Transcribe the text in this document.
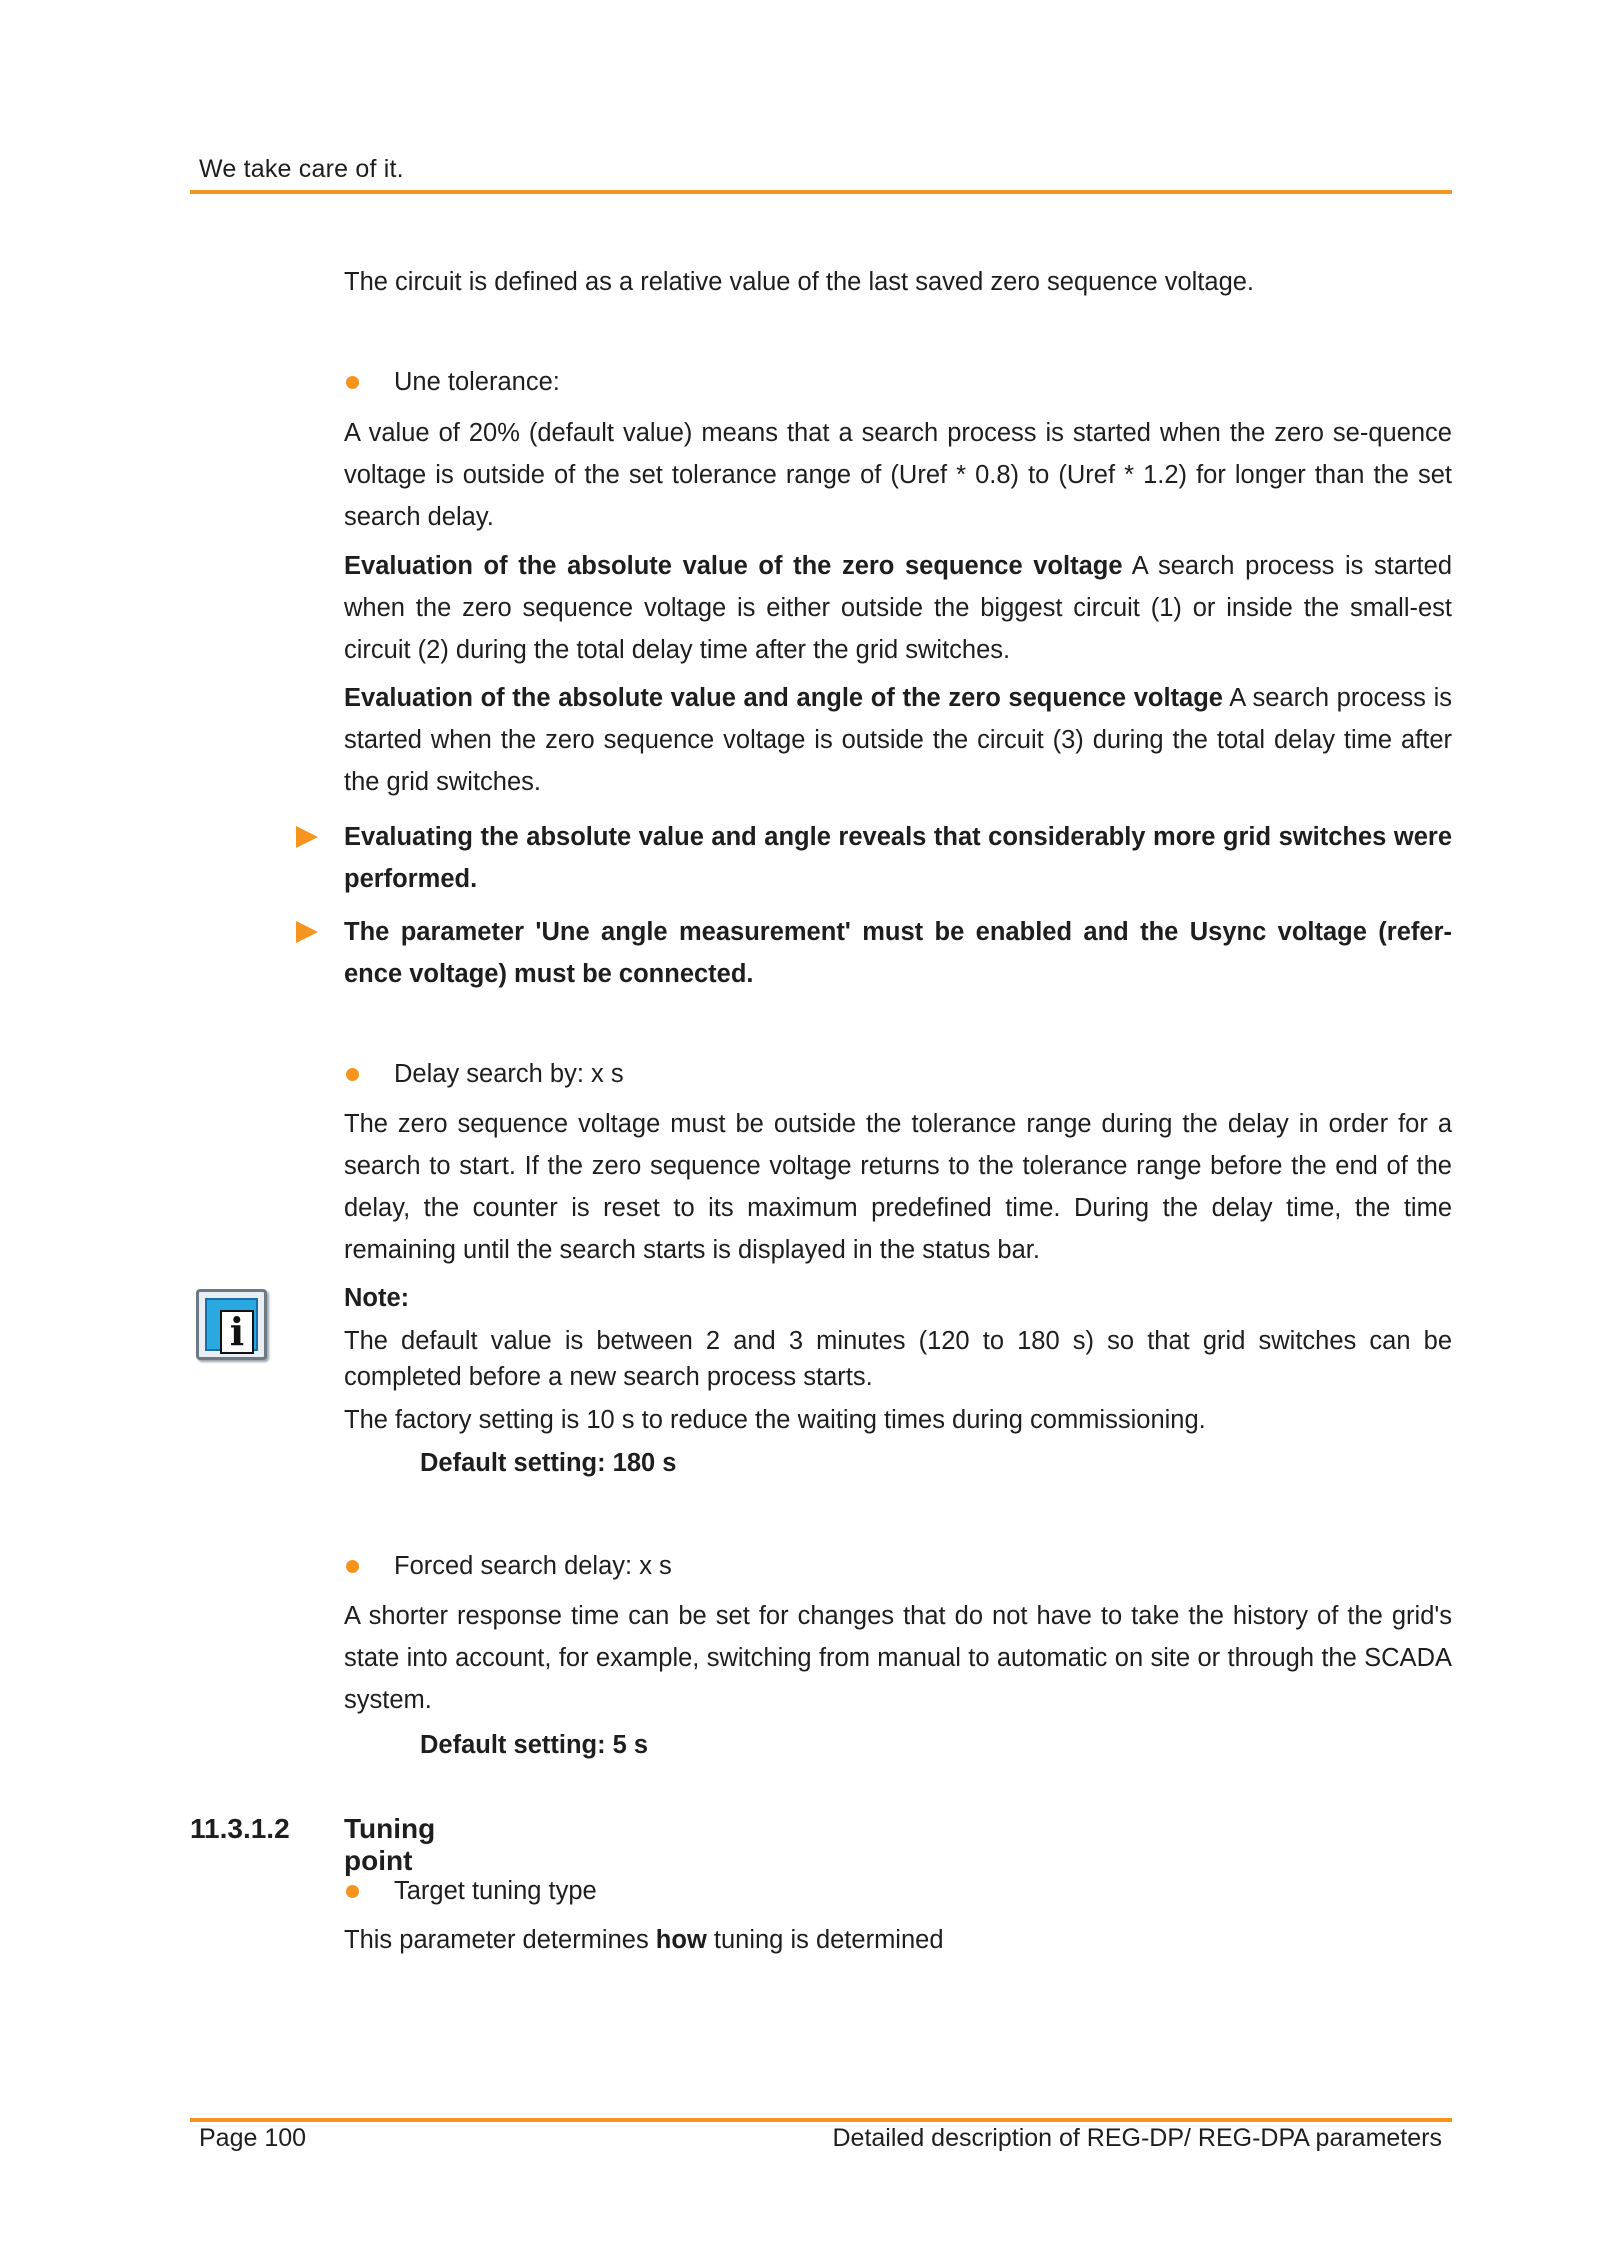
We take care of it.

The circuit is defined as a relative value of the last saved zero sequence voltage.

Une tolerance:

A value of 20% (default value) means that a search process is started when the zero se-quence voltage is outside of the set tolerance range of (Uref * 0.8) to (Uref * 1.2) for longer than the set search delay.

Evaluation of the absolute value of the zero sequence voltage A search process is started when the zero sequence voltage is either outside the biggest circuit (1) or inside the small-est circuit (2) during the total delay time after the grid switches.

Evaluation of the absolute value and angle of the zero sequence voltage A search process is started when the zero sequence voltage is outside the circuit (3) during the total delay time after the grid switches.

Evaluating the absolute value and angle reveals that considerably more grid switches were performed.
The parameter 'Une angle measurement' must be enabled and the Usync voltage (refer-ence voltage) must be connected.
Delay search by: x s

The zero sequence voltage must be outside the tolerance range during the delay in order for a search to start. If the zero sequence voltage returns to the tolerance range before the end of the delay, the counter is reset to its maximum predefined time. During the delay time, the time remaining until the search starts is displayed in the status bar.

i

Note:

The default value is between 2 and 3 minutes (120 to 180 s) so that grid switches can be completed before a new search process starts.

The factory setting is 10 s to reduce the waiting times during commissioning.

Default setting: 180 s
Forced search delay: x s

A shorter response time can be set for changes that do not have to take the history of the grid's state into account, for example, switching from manual to automatic on site or through the SCADA system.

Default setting: 5 s
11.3.1.2 Tuning point
Target tuning type

This parameter determines how tuning is determined

Page 100	Detailed description of REG-DP/ REG-DPA parameters
